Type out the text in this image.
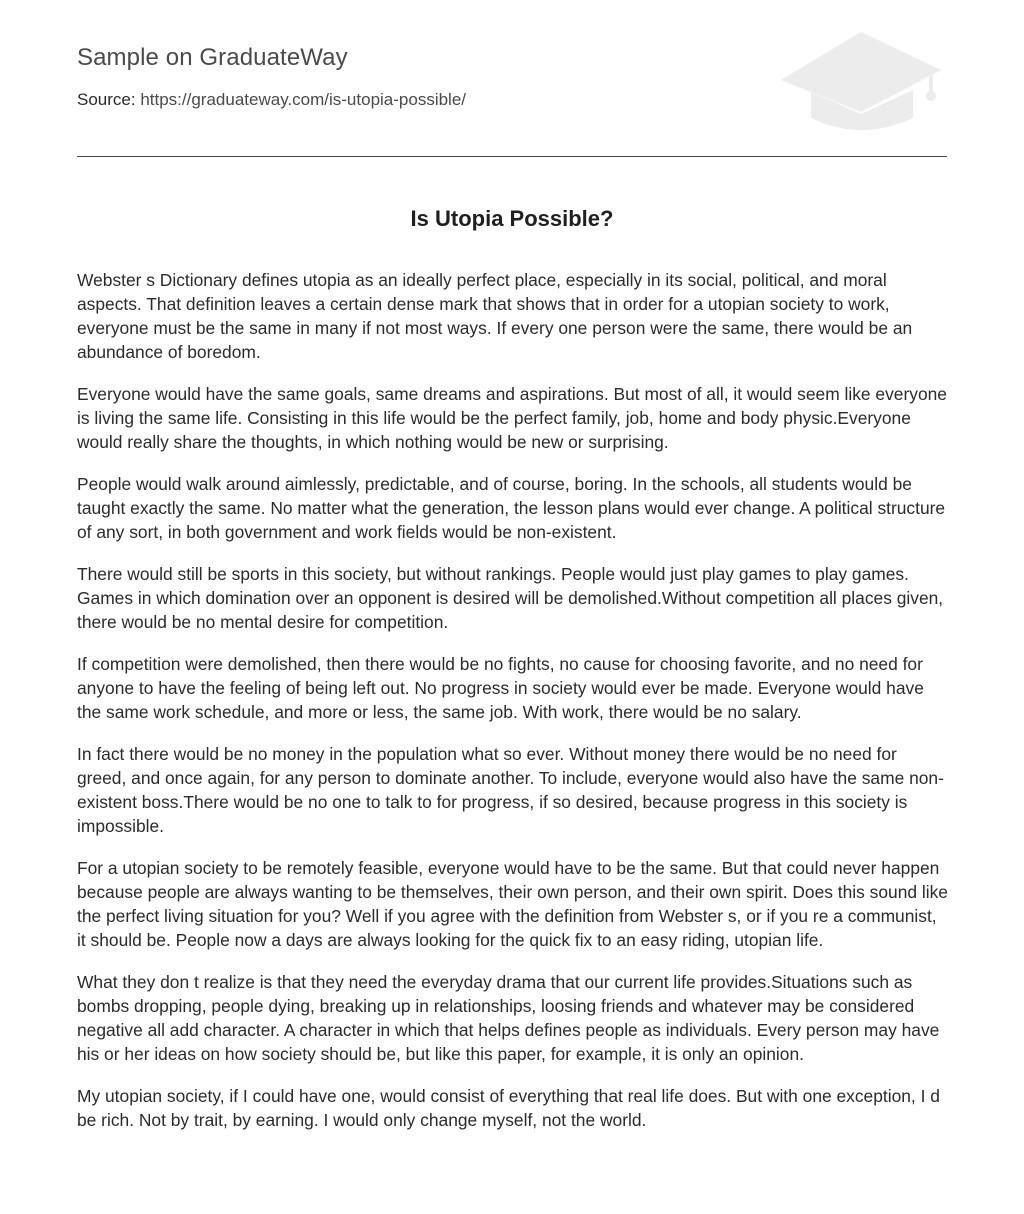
Sample on GraduateWay
Source: https://graduateway.com/is-utopia-possible/
Is Utopia Possible?

Webster s Dictionary defines utopia as an ideally perfect place, especially in its social, political, and moral aspects. That definition leaves a certain dense mark that shows that in order for a utopian society to work, everyone must be the same in many if not most ways. If every one person were the same, there would be an abundance of boredom.

Everyone would have the same goals, same dreams and aspirations. But most of all, it would seem like everyone is living the same life. Consisting in this life would be the perfect family, job, home and body physic.Everyone would really share the thoughts, in which nothing would be new or surprising.

People would walk around aimlessly, predictable, and of course, boring. In the schools, all students would be taught exactly the same. No matter what the generation, the lesson plans would ever change. A political structure of any sort, in both government and work fields would be non-existent.

There would still be sports in this society, but without rankings. People would just play games to play games. Games in which domination over an opponent is desired will be demolished.Without competition all places given, there would be no mental desire for competition.

If competition were demolished, then there would be no fights, no cause for choosing favorite, and no need for anyone to have the feeling of being left out. No progress in society would ever be made. Everyone would have the same work schedule, and more or less, the same job. With work, there would be no salary.

In fact there would be no money in the population what so ever. Without money there would be no need for greed, and once again, for any person to dominate another. To include, everyone would also have the same non-existent boss.There would be no one to talk to for progress, if so desired, because progress in this society is impossible.

For a utopian society to be remotely feasible, everyone would have to be the same. But that could never happen because people are always wanting to be themselves, their own person, and their own spirit. Does this sound like the perfect living situation for you? Well if you agree with the definition from Webster s, or if you re a communist, it should be. People now a days are always looking for the quick fix to an easy riding, utopian life.

What they don t realize is that they need the everyday drama that our current life provides.Situations such as bombs dropping, people dying, breaking up in relationships, loosing friends and whatever may be considered negative all add character. A character in which that helps defines people as individuals. Every person may have his or her ideas on how society should be, but like this paper, for example, it is only an opinion.

My utopian society, if I could have one, would consist of everything that real life does. But with one exception, I d be rich. Not by trait, by earning. I would only change myself, not the world.
